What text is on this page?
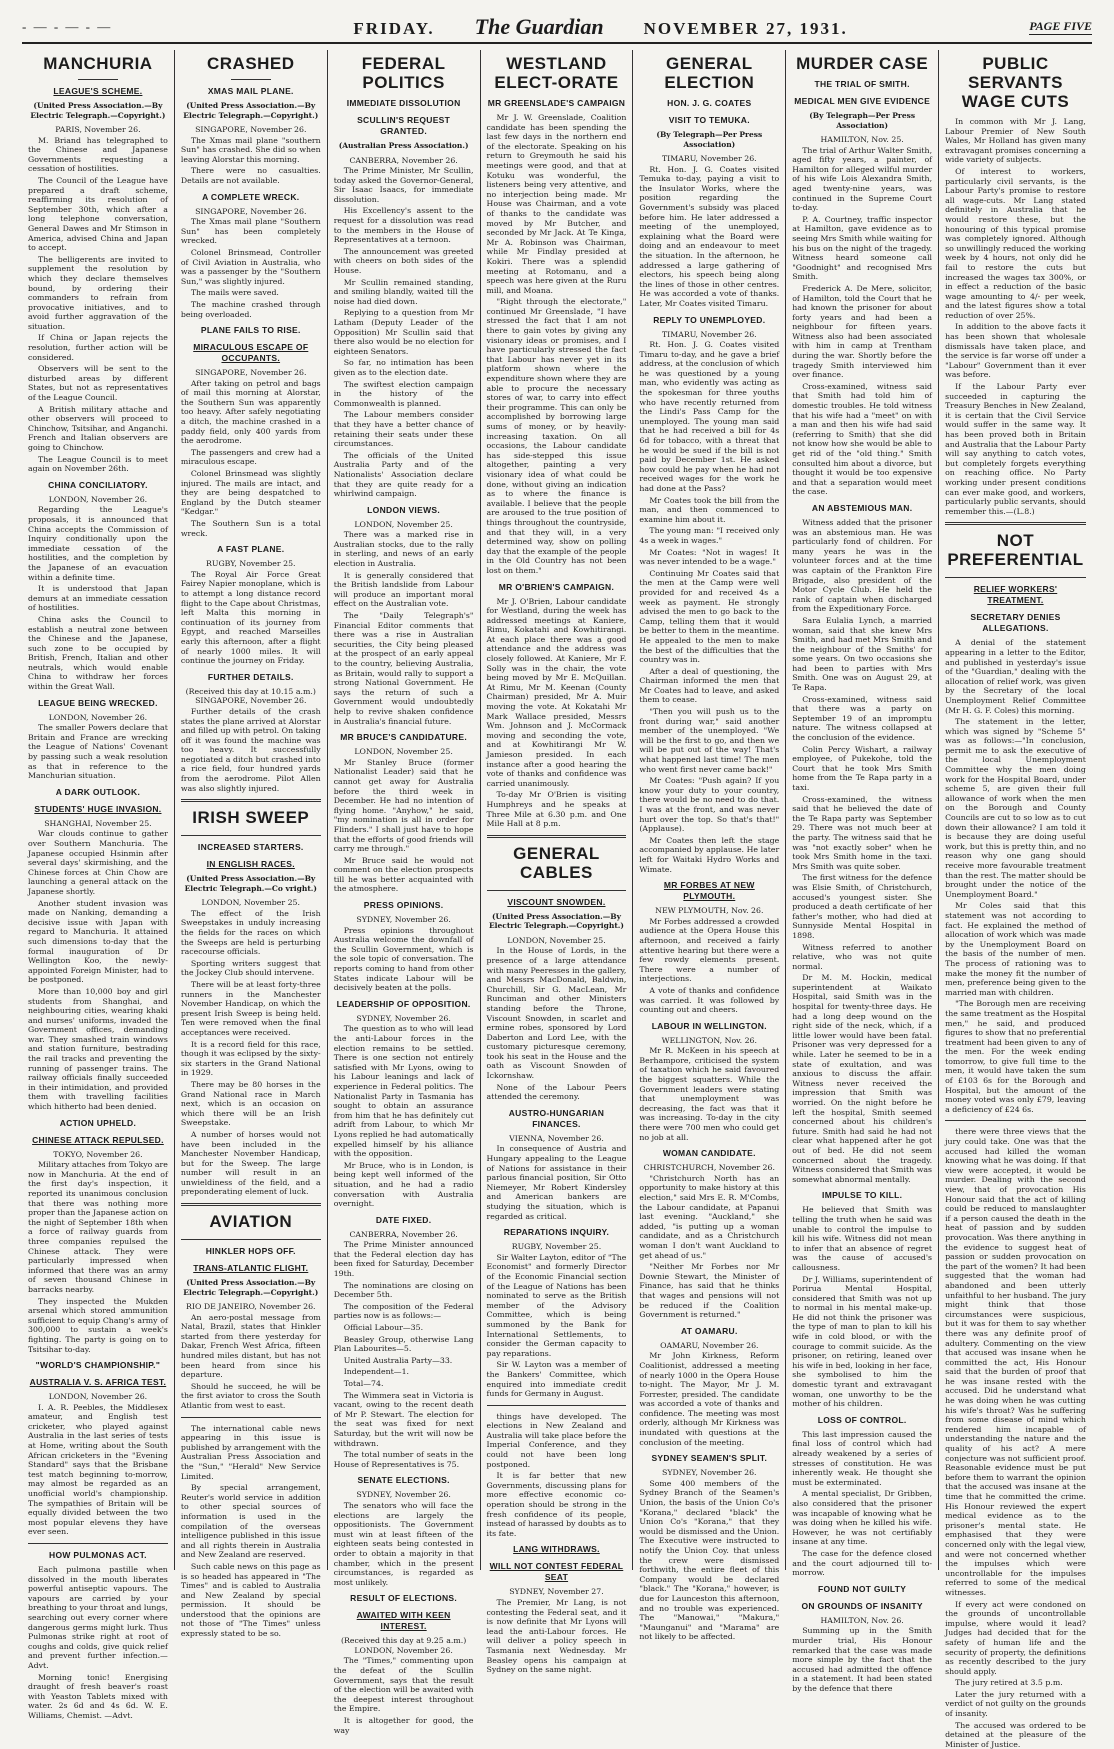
- — - — - —	FRIDAY. The Guardian NOVEMBER 27, 1931.	PAGE FIVE
MANCHURIA
LEAGUE'S SCHEME.
(United Press Association.—By Electric Telegraph.—Copyright.)
PARIS, November 26.

M. Briand has telegraphed to the Chinese and Japanese Governments requesting a cessation of hostilities.

The Council of the League have prepared a draft scheme, reaffirming its resolution of September 30th, which after a long telephone conversation, General Dawes and Mr Stimson in America, advised China and Japan to accept.

The belligerents are invited to supplement the resolution by which they declare themselves bound, by ordering their commanders to refrain from provocative initiatives, and to avoid further aggravation of the situation.

If China or Japan rejects the resolution, further action will be considered.

Observers will be sent to the disturbed areas by different States, but not as representatives of the League Council.

A British military attache and other observers will proceed to Chinchow, Tsitsihar, and Anganchi. French and Italian observers are going to Chinchow.

The League Council is to meet again on November 26th.

CHINA CONCILIATORY.
LONDON, November 26.

Regarding the League's proposals, it is announced that China accepts the Commission of Inquiry conditionally upon the immediate cessation of the hostilities, and the completion by the Japanese of an evacuation within a definite time.

It is understood that Japan demurs at an immediate cessation of hostilities.

China asks the Council to establish a neutral zone between the Chinese and the Japanese, such zone to be occupied by British, French, Italian and other neutrals, which would enable China to withdraw her forces within the Great Wall.

LEAGUE BEING WRECKED.
LONDON, November 26.

The smaller Powers declare that Britain and France are wrecking the League of Nations' Covenant by passing such a weak resolution as that in reference to the Manchurian situation.

A DARK OUTLOOK.
STUDENTS' HUGE INVASION.
SHANGHAI, November 25.

War clouds continue to gather over Southern Manchuria. The Japanese occupied Hsinmin after several days' skirmishing, and the Chinese forces at Chin Chow are launching a general attack on the Japanese shortly.

Another student invasion was made on Nanking, demanding a decisive issue with Japan with regard to Manchuria. It attained such dimensions to-day that the formal inauguration of Dr Wellington Koo, the newly-appointed Foreign Minister, had to be postponed.

More than 10,000 boy and girl students from Shanghai, and neighbouring cities, wearing khaki and nurses' uniforms, invaded the Government offices, demanding war. They smashed train windows and station furniture, bestrading the rail tracks and preventing the running of passenger trains. The railway officials finally succeeded in their intimidation, and provided them with travelling facilities which hitherto had been denied.

ACTION UPHELD.
CHINESE ATTACK REPULSED.
TOKYO, November 26.

Military attaches from Tokyo are now in Manchuria. At the end of the first day's inspection, it reported its unanimous conclusion that there was nothing more proper than the Japanese action on the night of September 18th when a force of railway guards from three companies repulsed the Chinese attack. They were particularly impressed when informed that there was an army of seven thousand Chinese in barracks nearby.

They inspected the Mukden arsenal which stored ammunition sufficient to equip Chang's army of 300,000 to sustain a week's fighting. The party is going on to Tsitsihar to-day.

"WORLD'S CHAMPIONSHIP."
AUSTRALIA V. S. AFRICA TEST.
LONDON, November 26.

I. A. R. Peebles, the Middlesex amateur, and English test cricketer, who played against Australia in the last series of tests at Home, writing about the South African cricketers in the "Evening Standard" says that the Brisbane test match beginning to-morrow, may almost be regarded as an unofficial world's championship. The sympathies of Britain will be equally divided between the two most popular elevens they have ever seen.

HOW PULMONAS ACT.

Each pulmona pastille when dissolved in the mouth liberates powerful antiseptic vapours. The vapours are carried by your breathing to your throat and lungs, searching out every corner where dangerous germs might lurk. Thus Pulmonas strike right at root of coughs and colds, give quick relief and prevent further infection.—Advt.

Morning tonic! Energising draught of fresh beaver's roast with Yeaston Tablets mixed with water. 2s 6d and 4s 6d. W. E. Williams, Chemist. —Advt.

CRASHED
XMAS MAIL PLANE.
(United Press Association.—By Electric Telegraph.—Copyright.)
SINGAPORE, November 26.

The Xmas mail plane "southern Sun" has crashed. She did so when leaving Alorstar this morning.

There were no casualties. Details are not available.

A COMPLETE WRECK.
SINGAPORE, November 26.

The Xmas mail plane "Southern Sun" has been completely wrecked.

Colonel Brinsmead, Controller of Civil Aviation in Australia, who was a passenger by the "Southern Sun," was slightly injured.

The mails were saved.

The machine crashed through being overloaded.

PLANE FAILS TO RISE.
MIRACULOUS ESCAPE OF OCCUPANTS.
SINGAPORE, November 26.

After taking on petrol and bags of mail this morning at Alorstar, the Southern Sun was apparently too heavy. After safely negotiating a ditch, the machine crashed in a paddy field, only 400 yards from the aerodrome.

The passengers and crew had a miraculous escape.

Colonel Brinsmead was slightly injured. The mails are intact, and they are being despatched to England by the Dutch steamer "Kedgar."

The Southern Sun is a total wreck.

A FAST PLANE.
RUGBY, November 25.

The Royal Air Force Great Fairey Napier monoplane, which is to attempt a long distance record flight to the Cape about Christmas, left Malta this morning in continuation of its journey from Egypt, and reached Marseilles early this afternoon, after a flight of nearly 1000 miles. It will continue the journey on Friday.

FURTHER DETAILS.
(Received this day at 10.15 a.m.) SINGAPORE, November 26.

Further details of the crash states the plane arrived at Alorstar and filled up with petrol. On taking off it was found the machine was too heavy. It successfully negotiated a ditch but crashed into a rice field, four hundred yards from the aerodrome. Pilot Allen was also slightly injured.

IRISH SWEEP
INCREASED STARTERS.
IN ENGLISH RACES.
(United Press Association.—By Electric Telegraph.—Co vright.)
LONDON, November 25.

The effect of the Irish Sweepstakes in unduly increasing the fields for the races on which the Sweeps are held is perturbing racecourse officials.

Sporting writers suggest that the Jockey Club should intervene.

There will be at least forty-three runners in the Manchester November Handicap, on which the present Irish Sweep is being held. Ten were removed when the final acceptances were received.

It is a record field for this race, though it was eclipsed by the sixty-six starters in the Grand National in 1929.

There may be 80 horses in the Grand National race in March next, which is an occasion on which there will be an Irish Sweepstake.

A number of horses would not have been included in the Manchester November Handicap, but for the Sweep. The large number will result in an unwieldiness of the field, and a preponderating element of luck.

AVIATION
HINKLER HOPS OFF.
TRANS-ATLANTIC FLIGHT.
(United Press Association.—By Electric Telegraph.—Copyright.)
RIO DE JANEIRO, November 26.

An aero-postal message from Natal, Brazil, states that Hinkler started from there yesterday for Dakar, French West Africa, fifteen hundred miles distant, but has not been heard from since his departure.

Should he succeed, he will be the first aviator to cross the South Atlantic from west to east.

The international cable news appearing in this issue is published by arrangement with the Australian Press Association and the "Sun," "Herald" New Service Limited.

By special arrangement, Reuter's world service in addition to other special sources of information is used in the compilation of the overseas intelligence published in this issue and all rights therein in Australia and New Zealand are reserved.

Such cable news on this page as is so headed has appeared in "The Times" and is cabled to Australia and New Zealand by special permission. It should be understood that the opinions are not those of "The Times" unless expressly stated to be so.

FEDERAL POLITICS
IMMEDIATE DISSOLUTION
SCULLIN'S REQUEST GRANTED.
(Australian Press Association.)
CANBERRA, November 26.

The Prime Minister, Mr Scullin, today asked the Governor-General, Sir Isaac Isaacs, for immediate dissolution.

His Excellency's assent to the request for a dissolution was read to the members in the House of Representatives at a ternoon.

The announcement was greeted with cheers on both sides of the House.

Mr Scullin remained standing, and smiling blandly, waited till the noise had died down.

Replying to a question from Mr Latham (Deputy Leader of the Opposition) Mr Scullin said that there also would be no election for eighteen Senators.

So far, no intimation has been given as to the election date.

The swiftest election campaign in the history of the Commonwealth is planned.

The Labour members consider that they have a better chance of retaining their seats under these circumstances.

The officials of the United Australia Party and of the Nationalists' Association declare that they are quite ready for a whirlwind campaign.

LONDON VIEWS.
LONDON, November 25.

There was a marked rise in Australian stocks, due to the rally in sterling, and news of an early election in Australia.

It is generally considered that the British landslide from Labour will produce an important moral effect on the Australian vote.

The "Daily Telegraph's" Financial Editor comments that there was a rise in Australian securities, the City being pleased at the prospect of an early appeal to the country, believing Australia, as Britain, would rally to support a strong National Government. He says the return of such a Government would undoubtedly help to revive shaken confidence in Australia's financial future.

MR BRUCE'S CANDIDATURE.
LONDON, November 25.

Mr Stanley Bruce (former Nationalist Leader) said that he cannot get away for Australia before the third week in December. He had no intention of flying home. "Anyhow," he said, "my nomination is all in order for Flinders." I shall just have to hope that the efforts of good friends will carry me through."

Mr Bruce said he would not comment on the election prospects till he was better acquainted with the atmosphere.

PRESS OPINIONS.
SYDNEY, November 26.

Press opinions throughout Australia welcome the downfall of the Scullin Government, which is the sole topic of conversation. The reports coming to hand from other States indicate Labour will be decisively beaten at the polls.

LEADERSHIP OF OPPOSITION.
SYDNEY, November 26.

The question as to who will lead the anti-Labour forces in the election remains to be settled. There is one section not entirely satisfied with Mr Lyons, owing to his Labour leanings and lack of experience in Federal politics. The Nationalist Party in Tasmania has sought to obtain an assurance from him that he has definitely cut adrift from Labour, to which Mr Lyons replied he had automatically expelled himself by his alliance with the opposition.

Mr Bruce, who is in London, is being kept well informed of the situation, and he had a radio conversation with Australia overnight.

DATE FIXED.
CANBERRA, November 26.

The Prime Minister announced that the Federal election day has been fixed for Saturday, December 19th.

The nominations are closing on December 5th.

The composition of the Federal parties now is as follows:—

Official Labour—35.

Beasley Group, otherwise Lang Plan Labourites—5.

United Australia Party—33.

Independent—1.

Total—74.

The Wimmera seat in Victoria is vacant, owing to the recent death of Mr P. Stewart. The election for the seat was fixed for next Saturday, but the writ will now be withdrawn.

The total number of seats in the House of Representatives is 75.

SENATE ELECTIONS.
SYDNEY, November 26.

The senators who will face the elections are largely the oppositionists. The Government must win at least fifteen of the eighteen seats being contested in order to obtain a majority in that chamber, which in the present circumstances, is regarded as most unlikely.

RESULT OF ELECTIONS.
AWAITED WITH KEEN INTEREST.
(Received this day at 9.25 a.m.) LONDON, November 26.

The "Times," commenting upon the defeat of the Scullin Government, says that the result of the election will be awaited with the deepest interest throughout the Empire.

It is altogether for good, the way

WESTLAND ELECT-ORATE
MR GREENSLADE'S CAMPAIGN

Mr J. W. Greenslade, Coalition candidate has been spending the last few days in the northern end of the electorate. Speaking on his return to Greymouth he said his meetings were good, and that at Kotuku was wonderful, the listeners being very attentive, and no interjection being made. Mr House was Chairman, and a vote of thanks to the candidate was moved by Mr Butcher, and seconded by Mr Jack. At Te Kinga, Mr A. Robinson was Chairman, while Mr Findlay presided at Kokiri. There was a splendid meeting at Rotomanu, and a speech was here given at the Ruru mill, and Moana.

"Right through the electorate," continued Mr Greenslade, "I have stressed the fact that I am not there to gain votes by giving any visionary ideas or promises, and I have particularly stressed the fact that Labour has never yet in its platform shown where the expenditure shown where they are able to procure the necessary stores of war, to carry into effect their programme. This can only be accomplished by borrowing large sums of money, or by heavily-increasing taxation. On all occasions, the Labour candidate has side-stepped this issue altogether, painting a very visionary idea of what could be done, without giving an indication as to where the finance is available. I believe that the people are aroused to the true position of things throughout the countryside, and that they will, in a very determined way, show on polling day that the example of the people in the Old Country has not been lost on them."

MR O'BRIEN'S CAMPAIGN.

Mr J. O'Brien, Labour candidate for Westland, during the week has addressed meetings at Kaniere, Rimu, Kokatahi and Kowhitirangi. At each place there was a good attendance and the address was closely followed. At Kaniere, Mr F. Solly was in the chair, the vote being moved by Mr E. McQuillan. At Rimu, Mr M. Keenan (County Chairman) presided, Mr A. Muir moving the vote. At Kokatahi Mr Mark Wallace presided, Messrs Wm. Johnson and J. McCormack moving and seconding the vote, and at Kowhitirangi Mr W. Jamieson presided. In each instance after a good hearing the vote of thanks and confidence was carried unanimously.

To-day Mr O'Brien is visiting Humphreys and he speaks at Three Mile at 6.30 p.m. and One Mile Hall at 8 p.m.

GENERAL CABLES
VISCOUNT SNOWDEN.
(United Press Association.—By Electric Telegraph.—Copyright.)
LONDON, November 25.

In the House of Lords, in the presence of a large attendance with many Peeresses in the gallery, and Messrs MacDonald, Baldwin, Churchill, Sir G. MacLean, Mr Runciman and other Ministers standing before the Throne, Viscount Snowden, in scarlet and ermine robes, sponsored by Lord Daberton and Lord Lee, with the customary picturesque ceremony, took his seat in the House and the oath as Viscount Snowden of Ickornshaw.

None of the Labour Peers attended the ceremony.

AUSTRO-HUNGARIAN FINANCES.
VIENNA, November 26.

In consequence of Austria and Hungary appealing to the League of Nations for assistance in their parlous financial position, Sir Otto Niemeyer, Mr Robert Kindersley and American bankers are studying the situation, which is regarded as critical.

REPARATIONS INQUIRY.
RUGBY, November 25.

Sir Walter Layton, editor of "The Economist" and formerly Director of the Economic Financial section of the League of Nations has been nominated to serve as the British member of the Advisory Committee, which is being summoned by the Bank for International Settlements, to consider the German capacity to pay reparations.

Sir W. Layton was a member of the Bankers' Committee, which enquired into immediate credit funds for Germany in August.

things have developed. The elections in New Zealand and Australia will take place before the Imperial Conference, and they could not have been long postponed.

It is far better that new Governments, discussing plans for more effective economic co-operation should be strong in the fresh confidence of its people, instead of harassed by doubts as to its fate.

LANG WITHDRAWS.
WILL NOT CONTEST FEDERAL SEAT
SYDNEY, November 27.

The Premier, Mr Lang, is not contesting the Federal seat, and it is now definite that Mr Lyons will lead the anti-Labour forces. He will deliver a policy speech in Tasmania next Wednesday. Mr Beasley opens his campaign at Sydney on the same night.

GENERAL ELECTION
HON. J. G. COATES
VISIT TO TEMUKA.
(By Telegraph—Per Press Association)
TIMARU, November 26.

Rt. Hon. J. G. Coates visited Temuka to-day, paying a visit to the Insulator Works, where the position regarding the Government's subsidy was placed before him. He later addressed a meeting of the unemployed, explaining what the Board were doing and an endeavour to meet the situation. In the afternoon, he addressed a large gathering of electors, his speech being along the lines of those in other centres. He was accorded a vote of thanks. Later, Mr Coates visited Timaru.

REPLY TO UNEMPLOYED.
TIMARU, November 26.

Rt. Hon. J. G. Coates visited Timaru to-day, and he gave a brief address, at the conclusion of which he was questioned by a young man, who evidently was acting as the spokesman for three youths who have recently returned from the Lindi's Pass Camp for the unemployed. The young man said that he had received a bill for 4s 6d for tobacco, with a threat that he would be sued if the bill is not paid by December 1st. He asked how could he pay when he had not received wages for the work he had done at the Pass?

Mr Coates took the bill from the man, and then commenced to examine him about it.

The young man: "I received only 4s a week in wages."

Mr Coates: "Not in wages! It was never intended to be a wage."

Continuing Mr Coates said that the men at the Camp were well provided for and received 4s a week as payment. He strongly advised the men to go back to the Camp, telling them that it would be better to them in the meantime. He appealed to the men to make the best of the difficulties that the country was in.

After a deal of questioning, the Chairman informed the men that Mr Coates had to leave, and asked them to cease.

"Then you will push us to the front during war," said another member of the unemployed. "We will be the first to go, and then we will be put out of the way! That's what happened last time! The men who went first never came back!"

Mr Coates: "Push again? If you know your duty to your country, there would be no need to do that. I was at the front, and was never hurt over the top. So that's that!" (Applause).

Mr Coates then left the stage accompanied by applause. He later left for Waitaki Hydro Works and Wimate.

MR FORBES AT NEW PLYMOUTH.
NEW PLYMOUTH, Nov. 26.

Mr Forbes addressed a crowded audience at the Opera House this afternoon, and received a fairly attentive hearing but there were a few rowdy elements present. There were a number of interjections.

A vote of thanks and confidence was carried. It was followed by counting out and cheers.

LABOUR IN WELLINGTON.
WELLINGTON, Nov. 26.

Mr R. McKeen in his speech at Berhampore, criticised the system of taxation which he said favoured the biggest squatters. While the Government leaders were stating that unemployment was decreasing, the fact was that it was increasing. To-day in the city there were 700 men who could get no job at all.

WOMAN CANDIDATE.
CHRISTCHURCH, November 26.

"Christchurch North has an opportunity to make history at this election," said Mrs E. R. M'Combs, the Labour candidate, at Papanui last evening. "Auckland," she added, "is putting up a woman candidate, and as a Christchurch woman I don't want Auckland to get ahead of us."

"Neither Mr Forbes nor Mr Downie Stewart, the Minister of Finance, has said that he thinks that wages and pensions will not be reduced if the Coalition Government is returned."

AT OAMARU.
OAMARU, November 26.

Mr John Kirkness, Reform Coalitionist, addressed a meeting of nearly 1000 in the Opera House to-night. The Mayor, Mr J. M. Forrester, presided. The candidate was accorded a vote of thanks and confidence. The meeting was most orderly, although Mr Kirkness was inundated with questions at the conclusion of the meeting.

SYDNEY SEAMEN'S SPLIT.
SYDNEY, November 26.

Some 400 members of the Sydney Branch of the Seamen's Union, the basis of the Union Co's "Korana," declared "black" the Union Co's "Korana," that they would be dismissed and the Union. The Executive were instructed to notify the Union Coy. that unless the crew were dismissed forthwith, the entire fleet of this Company would be declared "black." The "Korana," however, is due for Launceston this afternoon, and no trouble was experienced. The "Manowai," "Makura," "Maunganui" and "Marama" are not likely to be affected.

MURDER CASE
THE TRIAL OF SMITH.
MEDICAL MEN GIVE EVIDENCE
(By Telegraph—Per Press Association)
HAMILTON, Nov. 25.

The trial of Arthur Walter Smith, aged fifty years, a painter, of Hamilton for alleged wilful murder of his wife Lois Alexandra Smith, aged twenty-nine years, was continued in the Supreme Court to-day.

P. A. Courtney, traffic inspector at Hamilton, gave evidence as to seeing Mrs Smith while waiting for his bus on the night of the tragedy. Witness heard someone call "Goodnight" and recognised Mrs Smith.

Frederick A. De Mere, solicitor, of Hamilton, told the Court that he had known the prisoner for about forty years and had been a neighbour for fifteen years. Witness also had been associated with him in camp at Trentham during the war. Shortly before the tragedy Smith interviewed him over finance.

Cross-examined, witness said that Smith had told him of domestic troubles. He told witness that his wife had a "meet" on with a man and then his wife had said (referring to Smith) that she did not know how she would be able to get rid of the "old thing." Smith consulted him about a divorce, but thought it would be too expensive and that a separation would meet the case.

AN ABSTEMIOUS MAN.

Witness added that the prisoner was an abstemious man. He was particularly fond of children. For many years he was in the volunteer forces and at the time was captain of the Frankton Fire Brigade, also president of the Motor Cycle Club. He held the rank of captain when discharged from the Expeditionary Force.

Sara Eulalia Lynch, a married woman, said that she knew Mrs Smith, and had met Mrs Smith and the neighbour of the Smiths' for some years. On two occasions she had been to parties with Mrs Smith. One was on August 29, at Te Rapa.

Cross-examined, witness said that there was a party on September 19 of an impromptu nature. The witness collapsed at the conclusion of the evidence.

Colin Percy Wishart, a railway employee, of Pukekohe, told the Court that he took Mrs Smith home from the Te Rapa party in a taxi.

Cross-examined, the witness said that he believed the date of the Te Rapa party was September 29. There was not much beer at the party. The witness said that he was "not exactly sober" when he took Mrs Smith home in the taxi. Mrs Smith was quite sober.

The first witness for the defence was Elsie Smith, of Christchurch, accused's youngest sister. She produced a death certificate of her father's mother, who had died at Sunnyside Mental Hospital in 1898.

Witness referred to another relative, who was not quite normal.

Dr M. M. Hockin, medical superintendent at Waikato Hospital, said Smith was in the hospital for twenty-three days. He had a long deep wound on the right side of the neck, which, if a little lower would have been fatal. Prisoner was very depressed for a while. Later he seemed to be in a state of exultation, and was anxious to discuss the affair. Witness never received the impression that Smith was worried. On the night before he left the hospital, Smith seemed concerned about his children's future. Smith had said he had not clear what happened after he got out of bed. He did not seem concerned about the tragedy. Witness considered that Smith was somewhat abnormal mentally.

IMPULSE TO KILL.

He believed that Smith was telling the truth when he said was unable to control the impulse to kill his wife. Witness did not mean to infer that an absence of regret was the cause of accused's callousness.

Dr J. Williams, superintendent of Porirua Mental Hospital, considered that Smith was not up to normal in his mental make-up. He did not think the prisoner was the type of man to plan to kill his wife in cold blood, or with the courage to commit suicide. As the prisoner, on retiring, leaned over his wife in bed, looking in her face, she symbolised to him the domestic tyrant and extravagant woman, one unworthy to be the mother of his children.

LOSS OF CONTROL.

This last impression caused the final loss of control which had already weakened by a series of stresses of constitution. He was inherently weak. He thought she must be exterminated.

A mental specialist, Dr Gribben, also considered that the prisoner was incapable of knowing what he was doing when he killed his wife. However, he was not certifiably insane at any time.

The case for the defence closed and the court adjourned till to-morrow.

FOUND NOT GUILTY
ON GROUNDS OF INSANITY
HAMILTON, Nov. 26.

Summing up in the Smith murder trial, His Honour remarked that the case was made more simple by the fact that the accused had admitted the offence in a statement. It had been stated by the defence that there

PUBLIC SERVANTS WAGE CUTS

In common with Mr J. Lang, Labour Premier of New South Wales, Mr Holland has given many extravagant promises concerning a wide variety of subjects.

Of interest to workers, particularly civil servants, is the Labour Party's promise to restore all wage-cuts. Mr Lang stated definitely in Australia that he would restore these, but the honouring of this typical promise was completely ignored. Although so unwillingly reduced the working week by 4 hours, not only did he fail to restore the cuts but increased the wages tax 300%, or in effect a reduction of the basic wage amounting to 4/- per week, and the latest figures show a total reduction of over 25%.

In addition to the above facts it has been shown that wholesale dismissals have taken place, and the service is far worse off under a "Labour" Government than it ever was before.

If the Labour Party ever succeeded in capturing the Treasury Benches in New Zealand, it is certain that the Civil Service would suffer in the same way. It has been proved both in Britain and Australia that the Labour Party will say anything to catch votes, but completely forgets everything on reaching office. No Party working under present conditions can ever make good, and workers, particularly public servants, should remember this.—(L.8.)

NOT PREFERENTIAL
RELIEF WORKERS' TREATMENT.
SECRETARY DENIES ALLEGATIONS.

A denial of the statement appearing in a letter to the Editor, and published in yesterday's issue of the "Guardian," dealing with the allocation of relief work, was given by the Secretary of the local Unemployment Relief Committee (Mr H. G. F. Coles) this morning.

The statement in the letter, which was signed by "Scheme 5" was as follows:—"In conclusion, permit me to ask the executive of the local Unemployment Committee why the men doing work for the Hospital Board, under scheme 5, are given their full allowance of work when the men on the Borough and County Councils are cut to so low as to cut down their allowance? I am told it is because they are doing useful work, but this is pretty thin, and no reason why one gang should receive more favourable treatment than the rest. The matter should be brought under the notice of the Unemployment Board."

Mr Coles said that this statement was not according to fact. He explained the method of allocation of work which was made by the Unemployment Board on the basis of the number of men. The process of rationing was to make the money fit the number of men, preference being given to the married man with children.

"The Borough men are receiving the same treatment as the Hospital men," he said, and produced figures to show that no preferential treatment had been given to any of the men. For the week ending tomorrow, to give full time to the men, it would have taken the sum of £103 6s for the Borough and Hospital, but the amount of the money voted was only £79, leaving a deficiency of £24 6s.

there were three views that the jury could take. One was that the accused had killed the woman knowing what he was doing. If that view were accepted, it would be murder. Dealing with the second view, that of provocation His Honour said that the act of killing could be reduced to manslaughter if a person caused the death in the heat of passion and by sudden provocation. Was there anything in the evidence to suggest heat of passion or sudden provocation on the part of the women? It had been suggested that the woman had abandoned and been utterly unfaithful to her husband. The jury might think that those circumstances were suspicious, but it was for them to say whether there was any definite proof of adultery. Commenting on the view that accused was insane when he committed the act, His Honour said that the burden of proof that he was insane rested with the accused. Did he understand what he was doing when he was cutting his wife's throat? Was he suffering from some disease of mind which rendered him incapable of understanding the nature and the quality of his act? A mere conjecture was not sufficient proof. Reasonable evidence must be put before them to warrant the opinion that the accused was insane at the time that he committed the crime. His Honour reviewed the expert medical evidence as to the prisoner's mental state. He emphasised that they were concerned only with the legal view, and were not concerned whether the impulses which were uncontrollable for the impulses referred to some of the medical witnesses.

If every act were condoned on the grounds of uncontrollable impulse, where would it lead? Judges had decided that for the safety of human life and the security of property, the definitions as recently described to the jury should apply.

The jury retired at 3.5 p.m.

Later the jury returned with a verdict of not guilty on the grounds of insanity.

The accused was ordered to be detained at the pleasure of the Minister of Justice.
